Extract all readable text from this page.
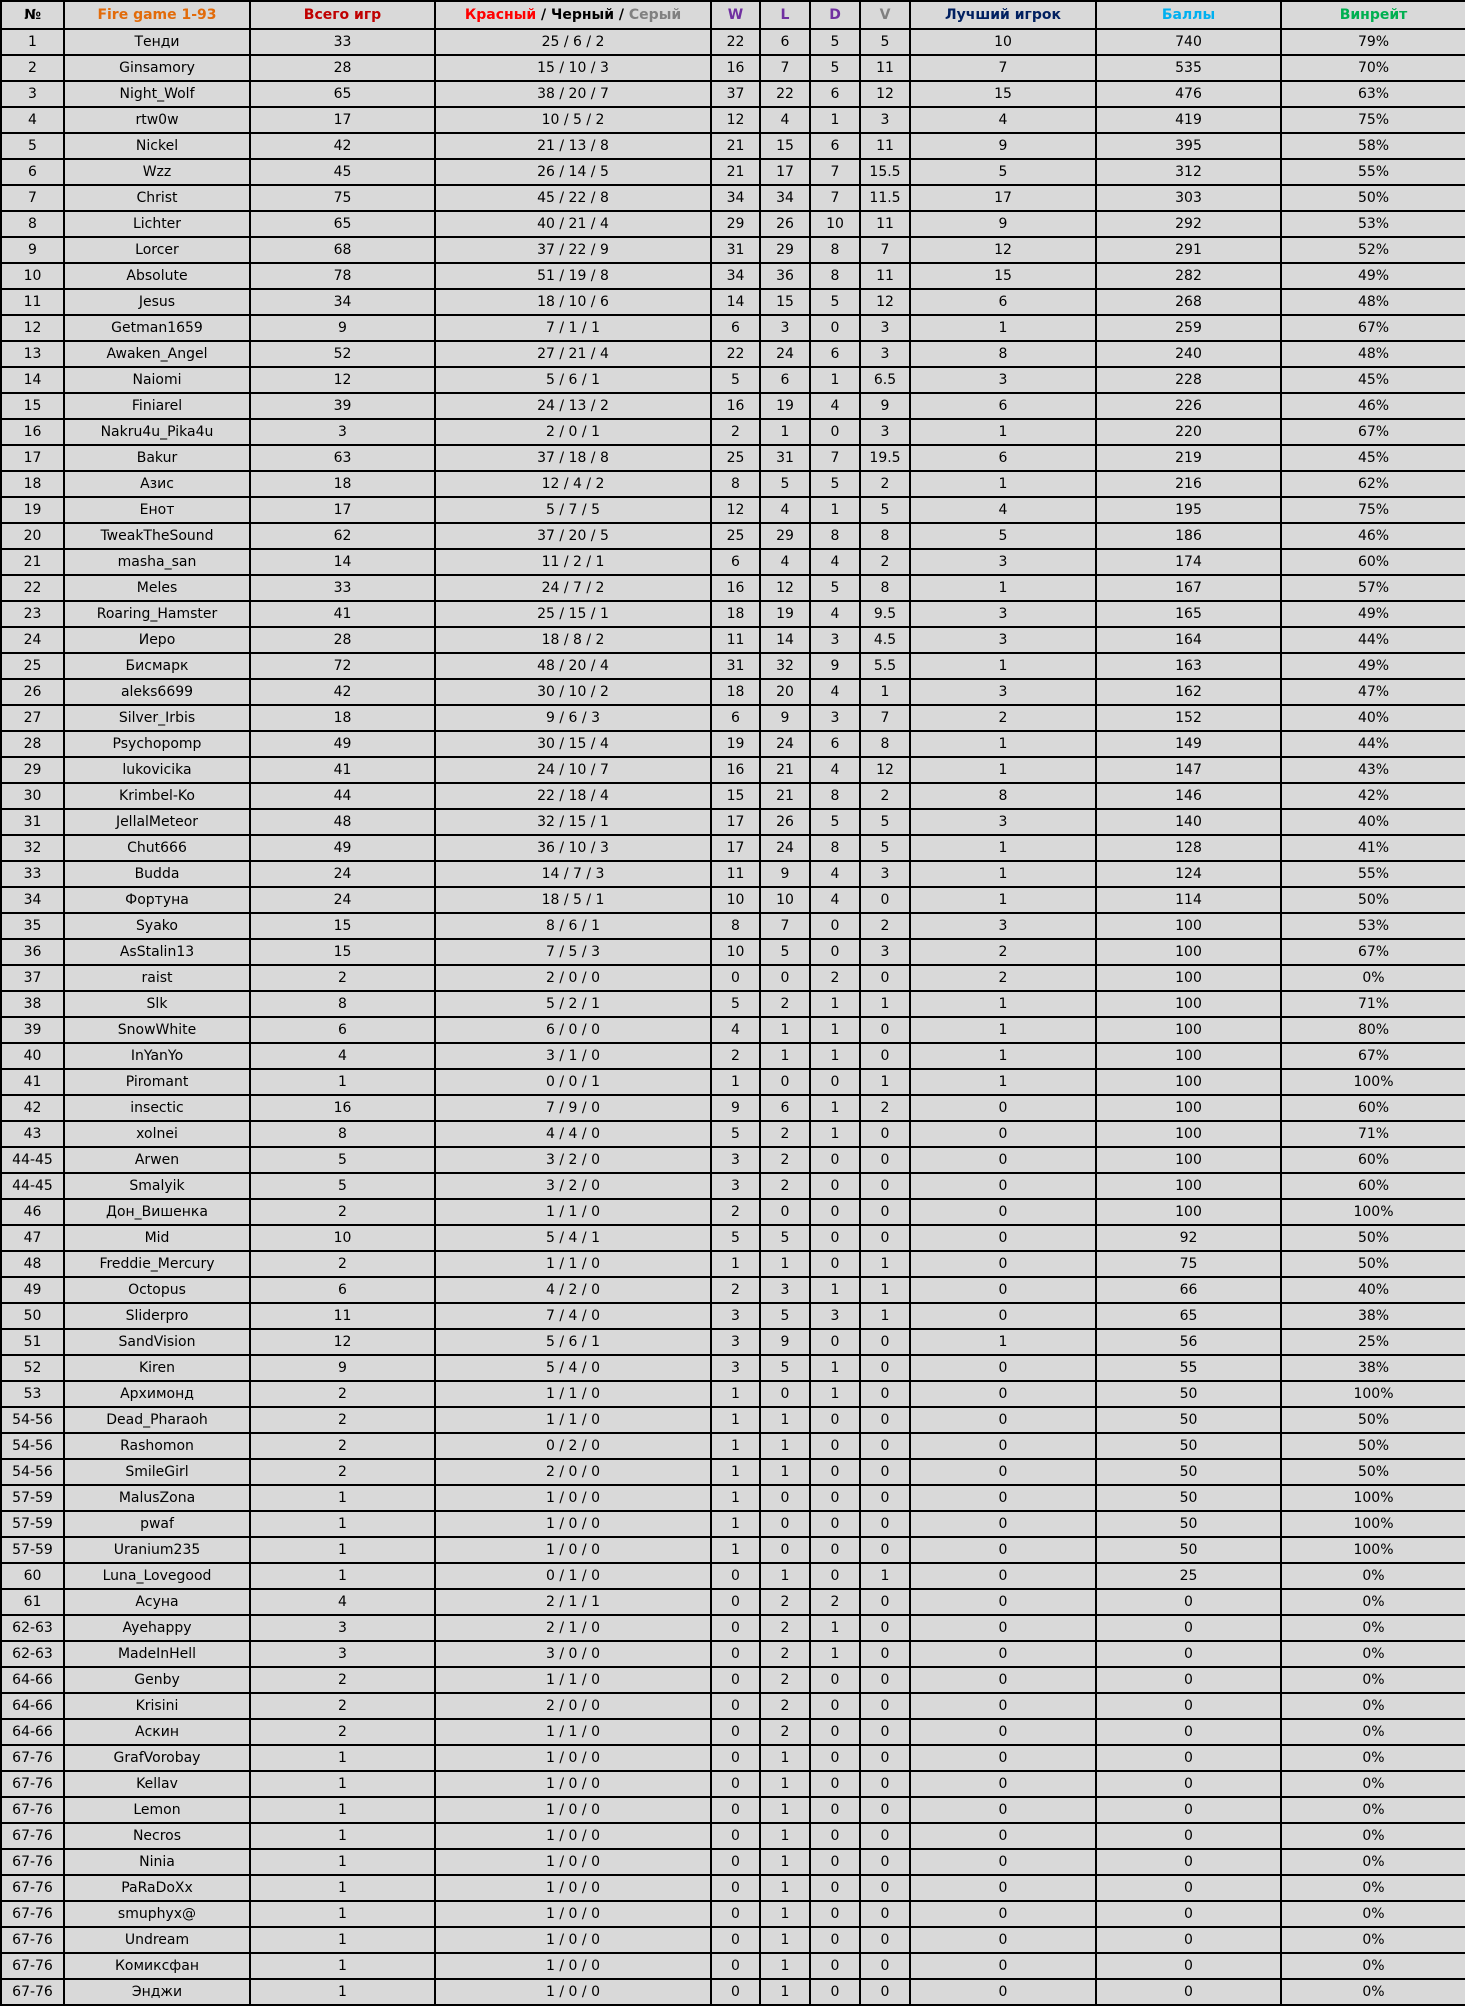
№	Fire game 1-93	Всего игр	Красный / Черный / Серый	W	L	D	V	Лучший игрок	Баллы	Винрейт
1	Тенди	33	25 / 6 / 2	22	6	5	5	10	740	79%
2	Ginsamory	28	15 / 10 / 3	16	7	5	11	7	535	70%
3	Night_Wolf	65	38 / 20 / 7	37	22	6	12	15	476	63%
4	rtw0w	17	10 / 5 / 2	12	4	1	3	4	419	75%
5	Nickel	42	21 / 13 / 8	21	15	6	11	9	395	58%
6	Wzz	45	26 / 14 / 5	21	17	7	15.5	5	312	55%
7	Christ	75	45 / 22 / 8	34	34	7	11.5	17	303	50%
8	Lichter	65	40 / 21 / 4	29	26	10	11	9	292	53%
9	Lorcer	68	37 / 22 / 9	31	29	8	7	12	291	52%
10	Absolute	78	51 / 19 / 8	34	36	8	11	15	282	49%
11	Jesus	34	18 / 10 / 6	14	15	5	12	6	268	48%
12	Getman1659	9	7 / 1 / 1	6	3	0	3	1	259	67%
13	Awaken_Angel	52	27 / 21 / 4	22	24	6	3	8	240	48%
14	Naiomi	12	5 / 6 / 1	5	6	1	6.5	3	228	45%
15	Finiarel	39	24 / 13 / 2	16	19	4	9	6	226	46%
16	Nakru4u_Pika4u	3	2 / 0 / 1	2	1	0	3	1	220	67%
17	Bakur	63	37 / 18 / 8	25	31	7	19.5	6	219	45%
18	Азис	18	12 / 4 / 2	8	5	5	2	1	216	62%
19	Енот	17	5 / 7 / 5	12	4	1	5	4	195	75%
20	TweakTheSound	62	37 / 20 / 5	25	29	8	8	5	186	46%
21	masha_san	14	11 / 2 / 1	6	4	4	2	3	174	60%
22	Meles	33	24 / 7 / 2	16	12	5	8	1	167	57%
23	Roaring_Hamster	41	25 / 15 / 1	18	19	4	9.5	3	165	49%
24	Иеро	28	18 / 8 / 2	11	14	3	4.5	3	164	44%
25	Бисмарк	72	48 / 20 / 4	31	32	9	5.5	1	163	49%
26	aleks6699	42	30 / 10 / 2	18	20	4	1	3	162	47%
27	Silver_Irbis	18	9 / 6 / 3	6	9	3	7	2	152	40%
28	Psychopomp	49	30 / 15 / 4	19	24	6	8	1	149	44%
29	lukovicika	41	24 / 10 / 7	16	21	4	12	1	147	43%
30	Krimbel-Ko	44	22 / 18 / 4	15	21	8	2	8	146	42%
31	JellalMeteor	48	32 / 15 / 1	17	26	5	5	3	140	40%
32	Chut666	49	36 / 10 / 3	17	24	8	5	1	128	41%
33	Budda	24	14 / 7 / 3	11	9	4	3	1	124	55%
34	Фортуна	24	18 / 5 / 1	10	10	4	0	1	114	50%
35	Syako	15	8 / 6 / 1	8	7	0	2	3	100	53%
36	AsStalin13	15	7 / 5 / 3	10	5	0	3	2	100	67%
37	raist	2	2 / 0 / 0	0	0	2	0	2	100	0%
38	Slk	8	5 / 2 / 1	5	2	1	1	1	100	71%
39	SnowWhite	6	6 / 0 / 0	4	1	1	0	1	100	80%
40	InYanYo	4	3 / 1 / 0	2	1	1	0	1	100	67%
41	Piromant	1	0 / 0 / 1	1	0	0	1	1	100	100%
42	insectic	16	7 / 9 / 0	9	6	1	2	0	100	60%
43	xolnei	8	4 / 4 / 0	5	2	1	0	0	100	71%
44-45	Arwen	5	3 / 2 / 0	3	2	0	0	0	100	60%
44-45	Smalyik	5	3 / 2 / 0	3	2	0	0	0	100	60%
46	Дон_Вишенка	2	1 / 1 / 0	2	0	0	0	0	100	100%
47	Mid	10	5 / 4 / 1	5	5	0	0	0	92	50%
48	Freddie_Mercury	2	1 / 1 / 0	1	1	0	1	0	75	50%
49	Octopus	6	4 / 2 / 0	2	3	1	1	0	66	40%
50	Sliderpro	11	7 / 4 / 0	3	5	3	1	0	65	38%
51	SandVision	12	5 / 6 / 1	3	9	0	0	1	56	25%
52	Kiren	9	5 / 4 / 0	3	5	1	0	0	55	38%
53	Архимонд	2	1 / 1 / 0	1	0	1	0	0	50	100%
54-56	Dead_Pharaoh	2	1 / 1 / 0	1	1	0	0	0	50	50%
54-56	Rashomon	2	0 / 2 / 0	1	1	0	0	0	50	50%
54-56	SmileGirl	2	2 / 0 / 0	1	1	0	0	0	50	50%
57-59	MalusZona	1	1 / 0 / 0	1	0	0	0	0	50	100%
57-59	pwaf	1	1 / 0 / 0	1	0	0	0	0	50	100%
57-59	Uranium235	1	1 / 0 / 0	1	0	0	0	0	50	100%
60	Luna_Lovegood	1	0 / 1 / 0	0	1	0	1	0	25	0%
61	Асуна	4	2 / 1 / 1	0	2	2	0	0	0	0%
62-63	Ayehappy	3	2 / 1 / 0	0	2	1	0	0	0	0%
62-63	MadeInHell	3	3 / 0 / 0	0	2	1	0	0	0	0%
64-66	Genby	2	1 / 1 / 0	0	2	0	0	0	0	0%
64-66	Krisini	2	2 / 0 / 0	0	2	0	0	0	0	0%
64-66	Аскин	2	1 / 1 / 0	0	2	0	0	0	0	0%
67-76	GrafVorobay	1	1 / 0 / 0	0	1	0	0	0	0	0%
67-76	Kellav	1	1 / 0 / 0	0	1	0	0	0	0	0%
67-76	Lemon	1	1 / 0 / 0	0	1	0	0	0	0	0%
67-76	Necros	1	1 / 0 / 0	0	1	0	0	0	0	0%
67-76	Ninia	1	1 / 0 / 0	0	1	0	0	0	0	0%
67-76	PaRaDoXx	1	1 / 0 / 0	0	1	0	0	0	0	0%
67-76	smuphyx@	1	1 / 0 / 0	0	1	0	0	0	0	0%
67-76	Undream	1	1 / 0 / 0	0	1	0	0	0	0	0%
67-76	Комиксфан	1	1 / 0 / 0	0	1	0	0	0	0	0%
67-76	Энджи	1	1 / 0 / 0	0	1	0	0	0	0	0%
